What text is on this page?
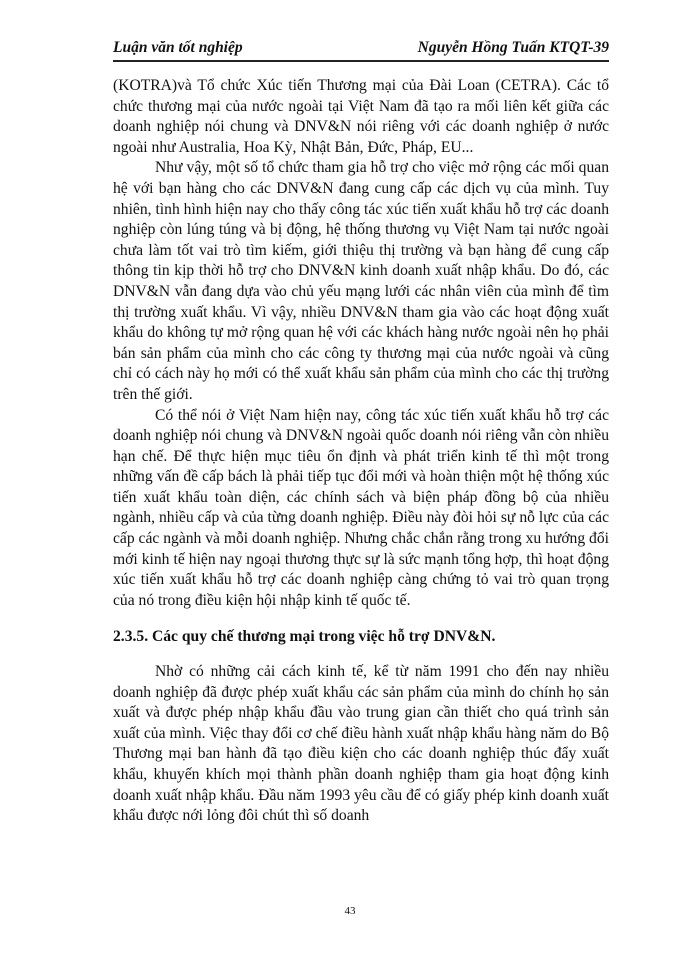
Luận văn tốt nghiệp	Nguyễn Hồng Tuấn KTQT-39

(KOTRA)và Tổ chức Xúc tiến Thương mại của Đài Loan (CETRA). Các tổ chức thương mại của nước ngoài tại Việt Nam đã tạo ra mối liên kết giữa các doanh nghiệp nói chung và DNV&N nói riêng với các doanh nghiệp ở nước ngoài như Australia, Hoa Kỳ, Nhật Bản, Đức, Pháp, EU...

Như vậy, một số tổ chức tham gia hỗ trợ cho việc mở rộng các mối quan hệ với bạn hàng cho các DNV&N đang cung cấp các dịch vụ của mình. Tuy nhiên, tình hình hiện nay cho thấy công tác xúc tiến xuất khẩu hỗ trợ các doanh nghiệp còn lúng túng và bị động, hệ thống thương vụ Việt Nam tại nước ngoài chưa làm tốt vai trò tìm kiếm, giới thiệu thị trường và bạn hàng để cung cấp thông tin kịp thời hỗ trợ cho DNV&N kinh doanh xuất nhập khẩu. Do đó, các DNV&N vẫn đang dựa vào chủ yếu mạng lưới các nhân viên của mình để tìm thị trường xuất khẩu. Vì vậy, nhiều DNV&N tham gia vào các hoạt động xuất khẩu do không tự mở rộng quan hệ với các khách hàng nước ngoài nên họ phải bán sản phẩm của mình cho các công ty thương mại của nước ngoài và cũng chỉ có cách này họ mới có thể xuất khẩu sản phẩm của mình cho các thị trường trên thế giới.

Có thể nói ở Việt Nam hiện nay, công tác xúc tiến xuất khẩu hỗ trợ các doanh nghiệp nói chung và DNV&N ngoài quốc doanh nói riêng vẫn còn nhiều hạn chế. Để thực hiện mục tiêu ổn định và phát triển kinh tế thì một trong những vấn đề cấp bách là phải tiếp tục đổi mới và hoàn thiện một hệ thống xúc tiến xuất khẩu toàn diện, các chính sách và biện pháp đồng bộ của nhiều ngành, nhiều cấp và của từng doanh nghiệp. Điều này đòi hỏi sự nỗ lực của các cấp các ngành và mỗi doanh nghiệp. Nhưng chắc chắn rằng trong xu hướng đổi mới kinh tế hiện nay ngoại thương thực sự là sức mạnh tổng hợp, thì hoạt động xúc tiến xuất khẩu hỗ trợ các doanh nghiệp càng chứng tỏ vai trò quan trọng của nó trong điều kiện hội nhập kinh tế quốc tế.

2.3.5. Các quy chế thương mại trong việc hỗ trợ DNV&N.

Nhờ có những cải cách kinh tế, kể từ năm 1991 cho đến nay nhiều doanh nghiệp đã được phép xuất khẩu các sản phẩm của mình do chính họ sản xuất và được phép nhập khẩu đầu vào trung gian cần thiết cho quá trình sản xuất của mình. Việc thay đổi cơ chế điều hành xuất nhập khẩu hàng năm do Bộ Thương mại ban hành đã tạo điều kiện cho các doanh nghiệp thúc đẩy xuất khẩu, khuyến khích mọi thành phần doanh nghiệp tham gia hoạt động kinh doanh xuất nhập khẩu. Đầu năm 1993 yêu cầu để có giấy phép kinh doanh xuất khẩu được nới lỏng đôi chút thì số doanh

43
